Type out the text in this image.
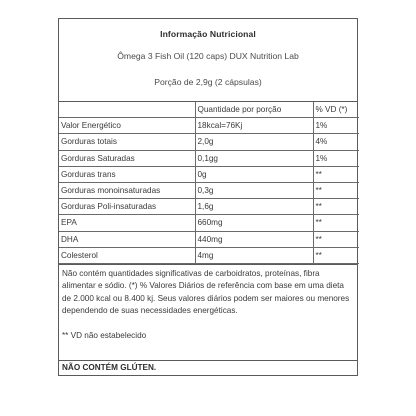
Informação Nutricional
Ômega 3 Fish Oil (120 caps) DUX Nutrition Lab
Porção de 2,9g (2 cápsulas)
	Quantidade por porção	% VD (*)
Valor Energético	18kcal=76Kj	1%
Gorduras totais	2,0g	4%
Gorduras Saturadas	0,1gg	1%
Gorduras trans	0g	**
Gorduras monoinsaturadas	0,3g	**
Gorduras Poli-insaturadas	1,6g	**
EPA	660mg	**
DHA	440mg	**
Colesterol	4mg	**

Não contém quantidades significativas de carboidratos, proteínas, fibra alimentar e sódio. (*) % Valores Diários de referência com base em uma dieta de 2.000 kcal ou 8.400 kj. Seus valores diários podem ser maiores ou menores dependendo de suas necessidades energéticas.

** VD não estabelecido

NÃO CONTÉM GLÚTEN.
